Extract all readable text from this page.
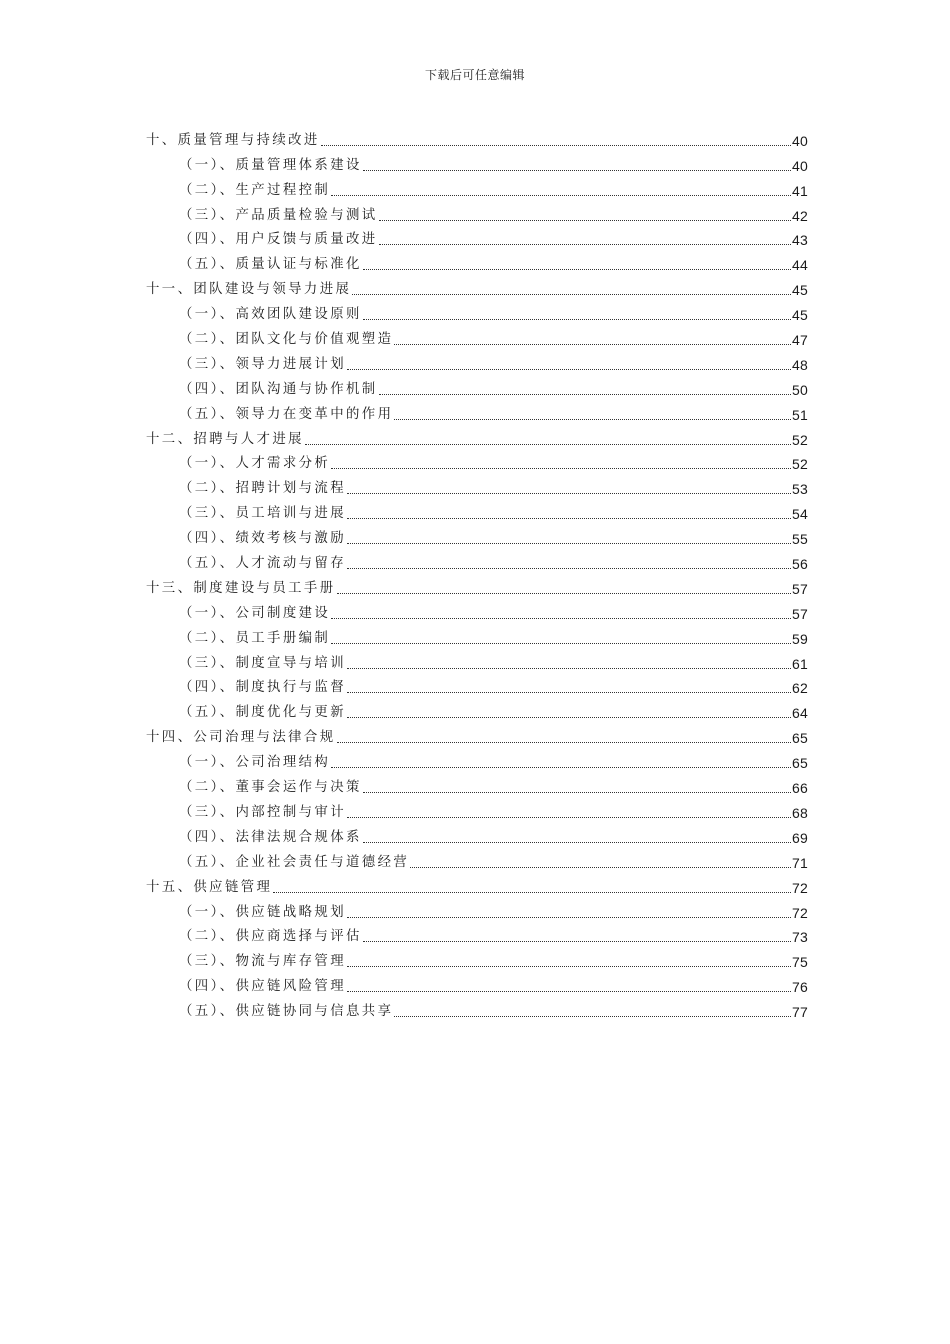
下载后可任意编辑
十、质量管理与持续改进	40
（一）、质量管理体系建设	40
（二）、生产过程控制	41
（三）、产品质量检验与测试	42
（四）、用户反馈与质量改进	43
（五）、质量认证与标准化	44
十一、团队建设与领导力进展	45
（一）、高效团队建设原则	45
（二）、团队文化与价值观塑造	47
（三）、领导力进展计划	48
（四）、团队沟通与协作机制	50
（五）、领导力在变革中的作用	51
十二、招聘与人才进展	52
（一）、人才需求分析	52
（二）、招聘计划与流程	53
（三）、员工培训与进展	54
（四）、绩效考核与激励	55
（五）、人才流动与留存	56
十三、制度建设与员工手册	57
（一）、公司制度建设	57
（二）、员工手册编制	59
（三）、制度宣导与培训	61
（四）、制度执行与监督	62
（五）、制度优化与更新	64
十四、公司治理与法律合规	65
（一）、公司治理结构	65
（二）、董事会运作与决策	66
（三）、内部控制与审计	68
（四）、法律法规合规体系	69
（五）、企业社会责任与道德经营	71
十五、供应链管理	72
（一）、供应链战略规划	72
（二）、供应商选择与评估	73
（三）、物流与库存管理	75
（四）、供应链风险管理	76
（五）、供应链协同与信息共享	77
